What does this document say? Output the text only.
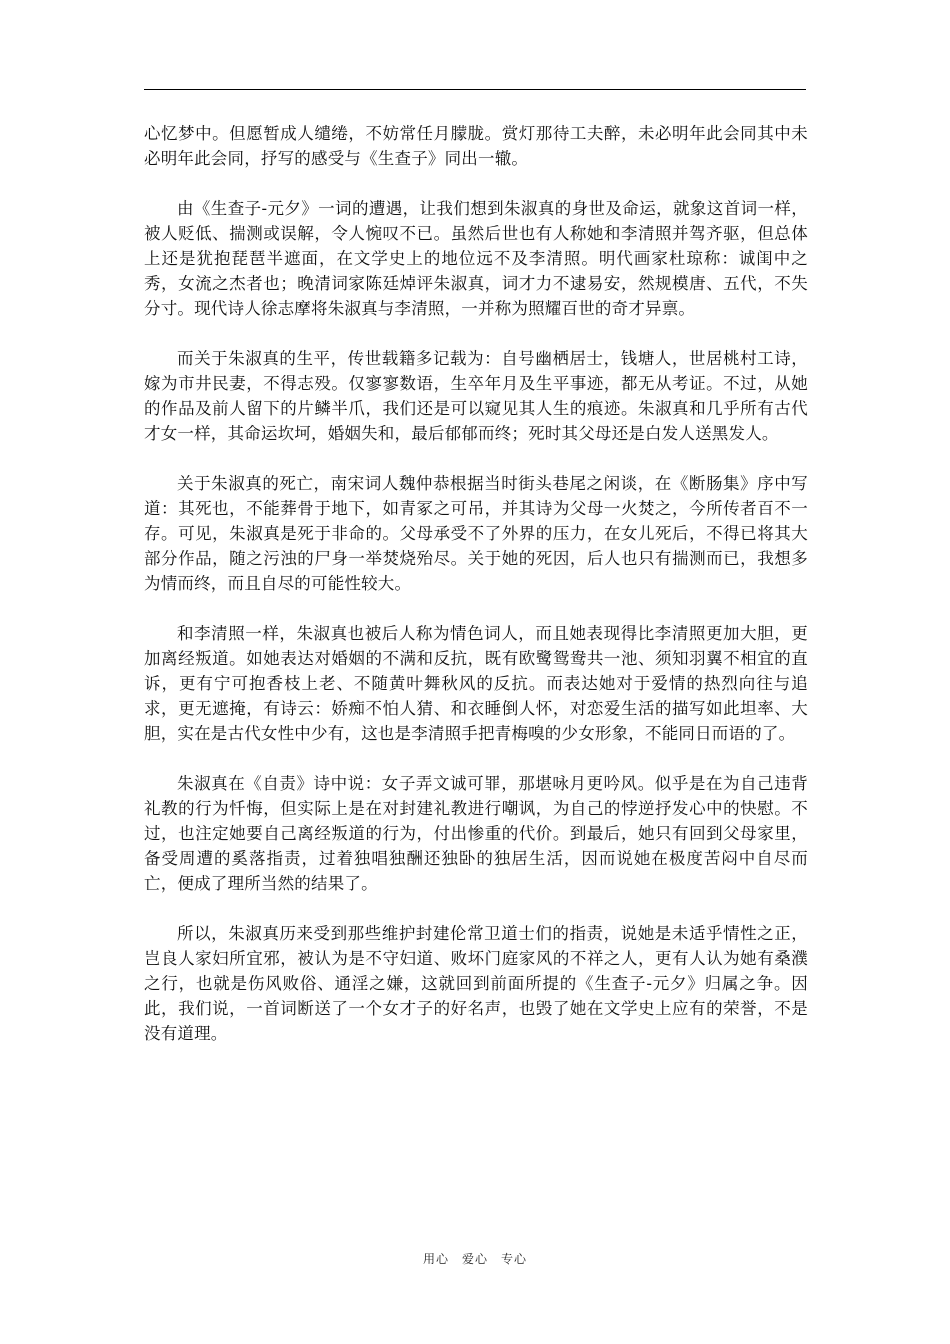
心忆梦中。但愿暂成人缱绻，不妨常任月朦胧。赏灯那待工夫醉，未必明年此会同其中未必明年此会同，抒写的感受与《生查子》同出一辙。

由《生查子-元夕》一词的遭遇，让我们想到朱淑真的身世及命运，就象这首词一样，被人贬低、揣测或误解，令人惋叹不已。虽然后世也有人称她和李清照并驾齐驱，但总体上还是犹抱琵琶半遮面，在文学史上的地位远不及李清照。明代画家杜琼称：诚闺中之秀，女流之杰者也；晚清词家陈廷焯评朱淑真，词才力不逮易安，然规模唐、五代，不失分寸。现代诗人徐志摩将朱淑真与李清照，一并称为照耀百世的奇才异禀。

而关于朱淑真的生平，传世载籍多记载为：自号幽栖居士，钱塘人，世居桃村工诗，嫁为市井民妻，不得志殁。仅寥寥数语，生卒年月及生平事迹，都无从考证。不过，从她的作品及前人留下的片鳞半爪，我们还是可以窥见其人生的痕迹。朱淑真和几乎所有古代才女一样，其命运坎坷，婚姻失和，最后郁郁而终；死时其父母还是白发人送黑发人。

关于朱淑真的死亡，南宋词人魏仲恭根据当时街头巷尾之闲谈，在《断肠集》序中写道：其死也，不能葬骨于地下，如青冢之可吊，并其诗为父母一火焚之，今所传者百不一存。可见，朱淑真是死于非命的。父母承受不了外界的压力，在女儿死后，不得已将其大部分作品，随之污浊的尸身一举焚烧殆尽。关于她的死因，后人也只有揣测而已，我想多为情而终，而且自尽的可能性较大。

和李清照一样，朱淑真也被后人称为情色词人，而且她表现得比李清照更加大胆，更加离经叛道。如她表达对婚姻的不满和反抗，既有欧鹭鸳鸯共一池、须知羽翼不相宜的直诉，更有宁可抱香枝上老、不随黄叶舞秋风的反抗。而表达她对于爱情的热烈向往与追求，更无遮掩，有诗云：娇痴不怕人猜、和衣睡倒人怀，对恋爱生活的描写如此坦率、大胆，实在是古代女性中少有，这也是李清照手把青梅嗅的少女形象，不能同日而语的了。

朱淑真在《自责》诗中说：女子弄文诚可罪，那堪咏月更吟风。似乎是在为自己违背礼教的行为忏悔，但实际上是在对封建礼教进行嘲讽，为自己的悖逆抒发心中的快慰。不过，也注定她要自己离经叛道的行为，付出惨重的代价。到最后，她只有回到父母家里，备受周遭的奚落指责，过着独唱独酬还独卧的独居生活，因而说她在极度苦闷中自尽而亡，便成了理所当然的结果了。

所以，朱淑真历来受到那些维护封建伦常卫道士们的指责，说她是未适乎情性之正，岂良人家妇所宜邪，被认为是不守妇道、败坏门庭家风的不祥之人，更有人认为她有桑濮之行，也就是伤风败俗、通淫之嫌，这就回到前面所提的《生查子-元夕》归属之争。因此，我们说，一首词断送了一个女才子的好名声，也毁了她在文学史上应有的荣誉，不是没有道理。

用心　爱心　专心
